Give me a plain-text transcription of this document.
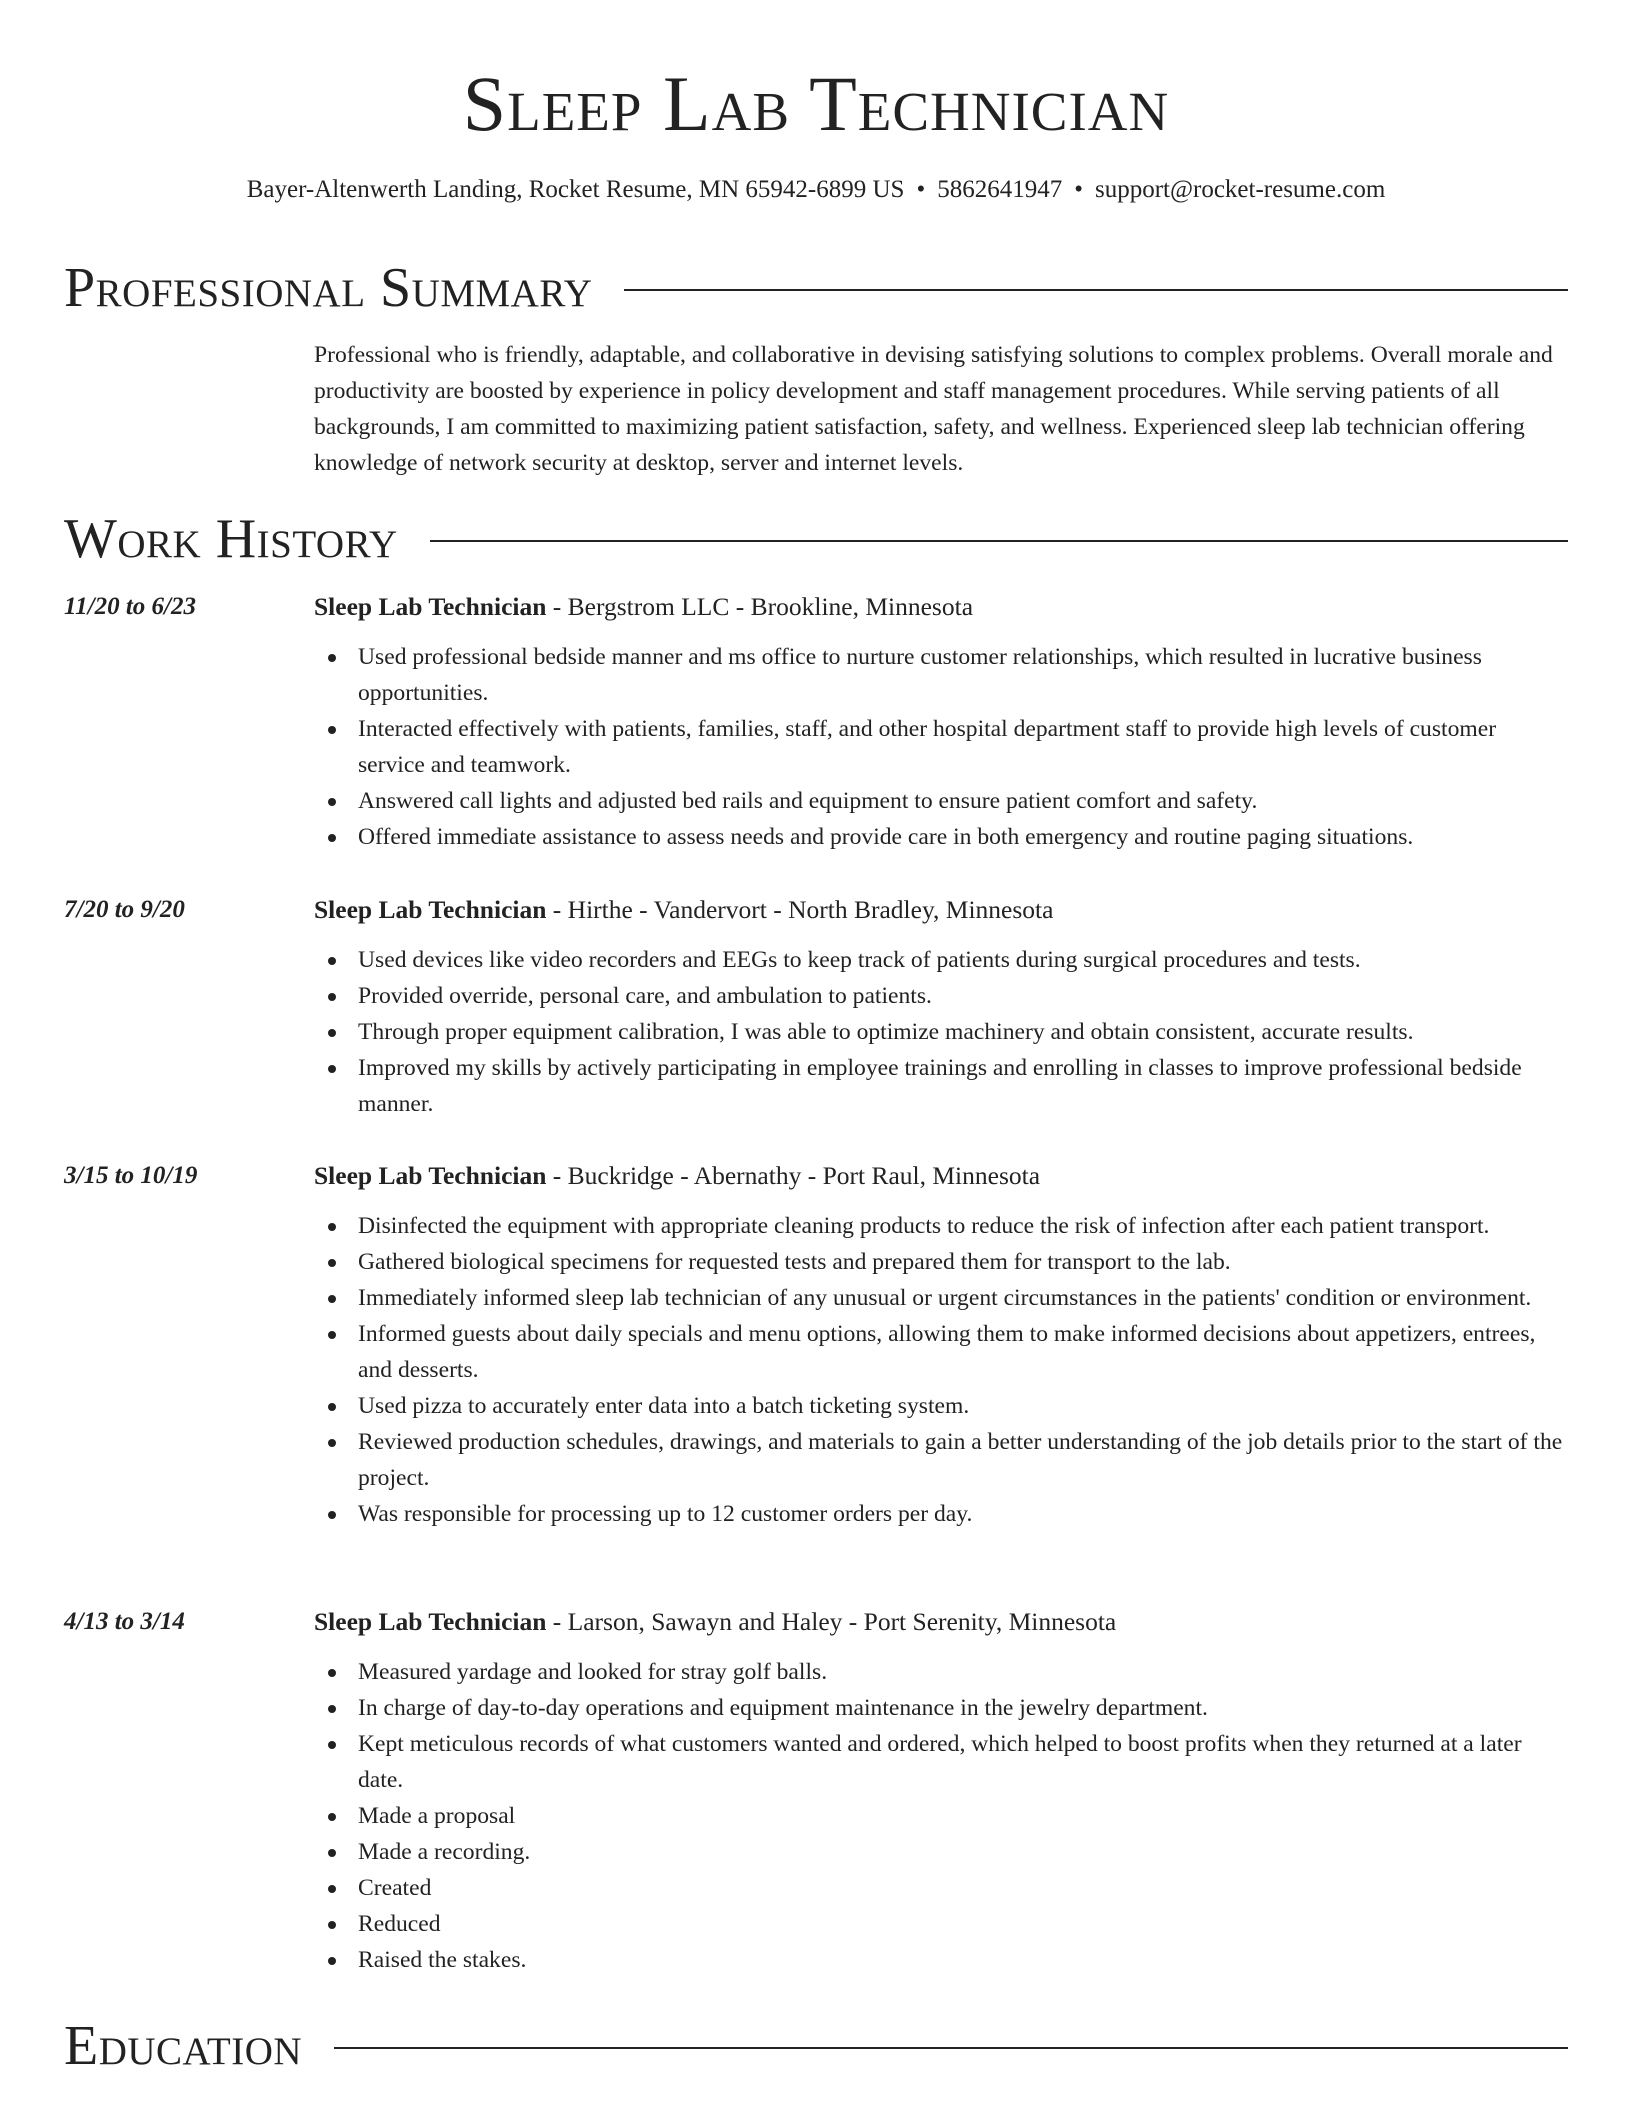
Sleep Lab Technician
Bayer-Altenwerth Landing, Rocket Resume, MN 65942-6899 US • 5862641947 • support@rocket-resume.com
Professional Summary

Professional who is friendly, adaptable, and collaborative in devising satisfying solutions to complex problems. Overall morale and productivity are boosted by experience in policy development and staff management procedures. While serving patients of all backgrounds, I am committed to maximizing patient satisfaction, safety, and wellness. Experienced sleep lab technician offering knowledge of network security at desktop, server and internet levels.

Work History
11/20 to 6/23	Sleep Lab Technician - Bergstrom LLC - Brookline, Minnesota
Used professional bedside manner and ms office to nurture customer relationships, which resulted in lucrative business opportunities.
Interacted effectively with patients, families, staff, and other hospital department staff to provide high levels of customer service and teamwork.
Answered call lights and adjusted bed rails and equipment to ensure patient comfort and safety.
Offered immediate assistance to assess needs and provide care in both emergency and routine paging situations.
7/20 to 9/20	Sleep Lab Technician - Hirthe - Vandervort - North Bradley, Minnesota
Used devices like video recorders and EEGs to keep track of patients during surgical procedures and tests.
Provided override, personal care, and ambulation to patients.
Through proper equipment calibration, I was able to optimize machinery and obtain consistent, accurate results.
Improved my skills by actively participating in employee trainings and enrolling in classes to improve professional bedside manner.
3/15 to 10/19	Sleep Lab Technician - Buckridge - Abernathy - Port Raul, Minnesota
Disinfected the equipment with appropriate cleaning products to reduce the risk of infection after each patient transport.
Gathered biological specimens for requested tests and prepared them for transport to the lab.
Immediately informed sleep lab technician of any unusual or urgent circumstances in the patients' condition or environment.
Informed guests about daily specials and menu options, allowing them to make informed decisions about appetizers, entrees, and desserts.
Used pizza to accurately enter data into a batch ticketing system.
Reviewed production schedules, drawings, and materials to gain a better understanding of the job details prior to the start of the project.
Was responsible for processing up to 12 customer orders per day.
4/13 to 3/14	Sleep Lab Technician - Larson, Sawayn and Haley - Port Serenity, Minnesota
Measured yardage and looked for stray golf balls.
In charge of day-to-day operations and equipment maintenance in the jewelry department.
Kept meticulous records of what customers wanted and ordered, which helped to boost profits when they returned at a later date.
Made a proposal
Made a recording.
Created
Reduced
Raised the stakes.
Education
